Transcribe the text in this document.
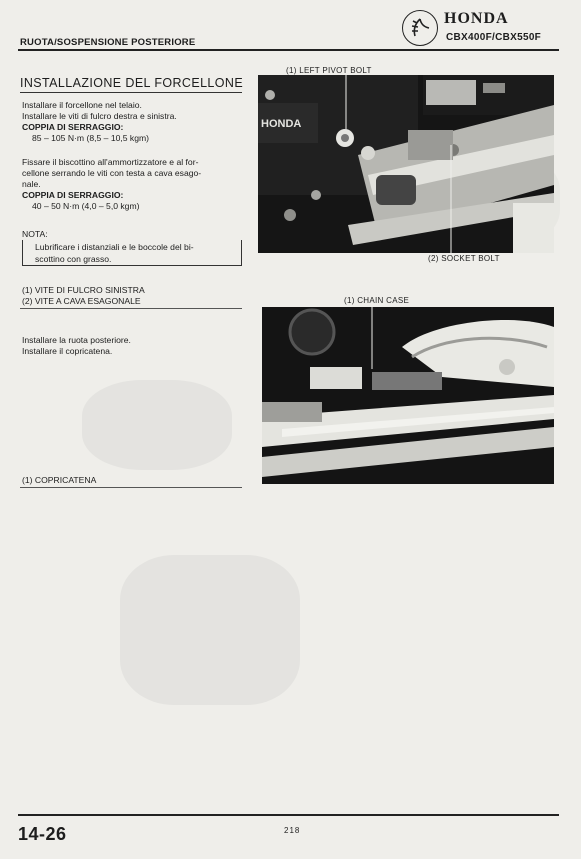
RUOTA/SOSPENSIONE POSTERIORE
HONDA
CBX400F/CBX550F
INSTALLAZIONE DEL FORCELLONE
Installare il forcellone nel telaio.
Installare le viti di fulcro destra e sinistra.
COPPIA DI SERRAGGIO:
85 – 105 N·m (8,5 – 10,5 kgm)
Fissare il biscottino all'ammortizzatore e al for-
cellone serrando le viti con testa a cava esago-
nale.
COPPIA DI SERRAGGIO:
40 – 50 N·m (4,0 – 5,0 kgm)
NOTA:
Lubrificare i distanziali e le boccole del bi-
scottino con grasso.
(1) VITE DI FULCRO SINISTRA
(2) VITE A CAVA ESAGONALE
Installare la ruota posteriore.
Installare il copricatena.
(1) COPRICATENA
(1) LEFT PIVOT BOLT
HONDA
(2) SOCKET BOLT
(1) CHAIN CASE
14-26	218
